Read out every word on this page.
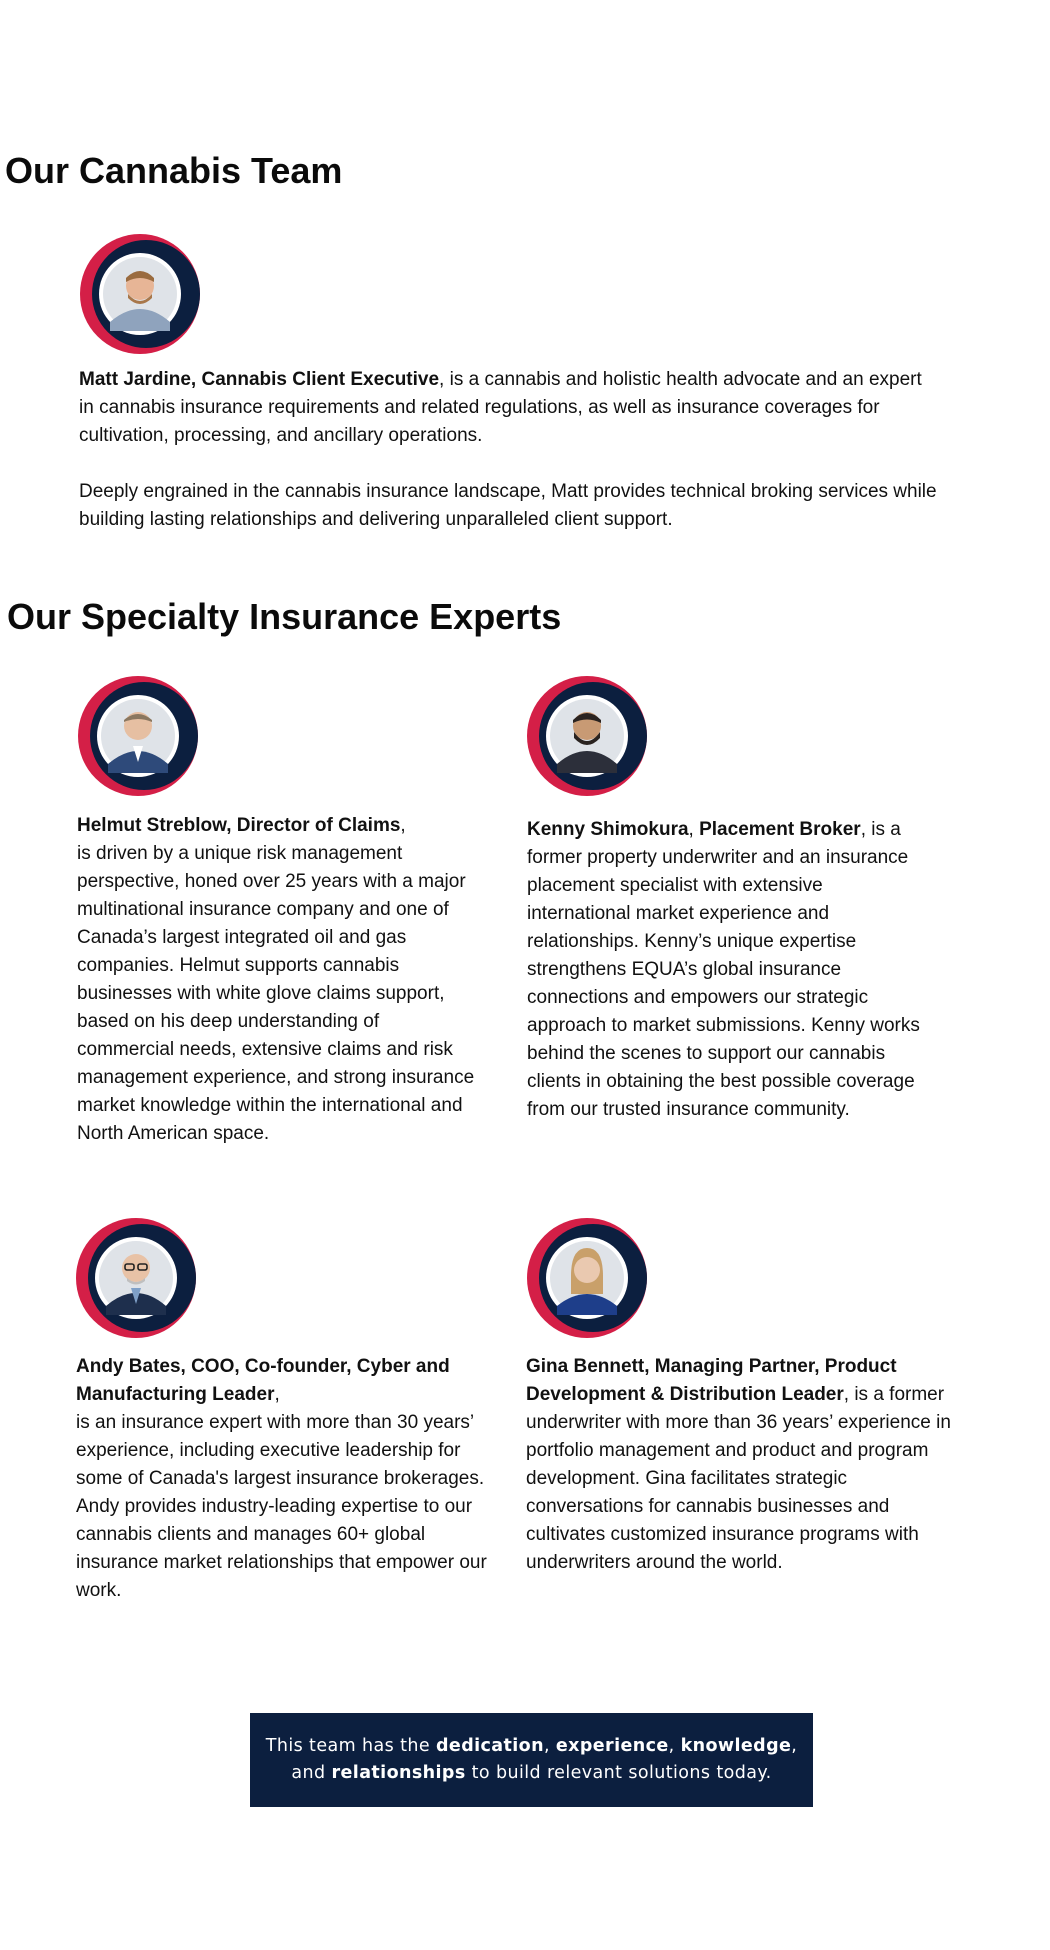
Our Cannabis Team

Matt Jardine, Cannabis Client Executive, is a cannabis and holistic health advocate and an expert in cannabis insurance requirements and related regulations, as well as insurance coverages for cultivation, processing, and ancillary operations.

Deeply engrained in the cannabis insurance landscape, Matt provides technical broking services while building lasting relationships and delivering unparalleled client support.

Our Specialty Insurance Experts

Helmut Streblow, Director of Claims,
is driven by a unique risk management perspective, honed over 25 years with a major multinational insurance company and one of Canada’s largest integrated oil and gas companies. Helmut supports cannabis businesses with white glove claims support, based on his deep understanding of commercial needs, extensive claims and risk management experience, and strong insurance market knowledge within the international and North American space.

Kenny Shimokura, Placement Broker, is a former property underwriter and an insurance placement specialist with extensive international market experience and relationships. Kenny’s unique expertise strengthens EQUA’s global insurance connections and empowers our strategic approach to market submissions. Kenny works behind the scenes to support our cannabis clients in obtaining the best possible coverage from our trusted insurance community.

Andy Bates, COO, Co-founder, Cyber and Manufacturing Leader,
is an insurance expert with more than 30 years’ experience, including executive leadership for some of Canada's largest insurance brokerages. Andy provides industry-leading expertise to our cannabis clients and manages 60+ global insurance market relationships that empower our work.

Gina Bennett, Managing Partner, Product Development & Distribution Leader, is a former underwriter with more than 36 years’ experience in portfolio management and product and program development. Gina facilitates strategic conversations for cannabis businesses and cultivates customized insurance programs with underwriters around the world.

This team has the dedication, experience, knowledge,
and relationships to build relevant solutions today.
